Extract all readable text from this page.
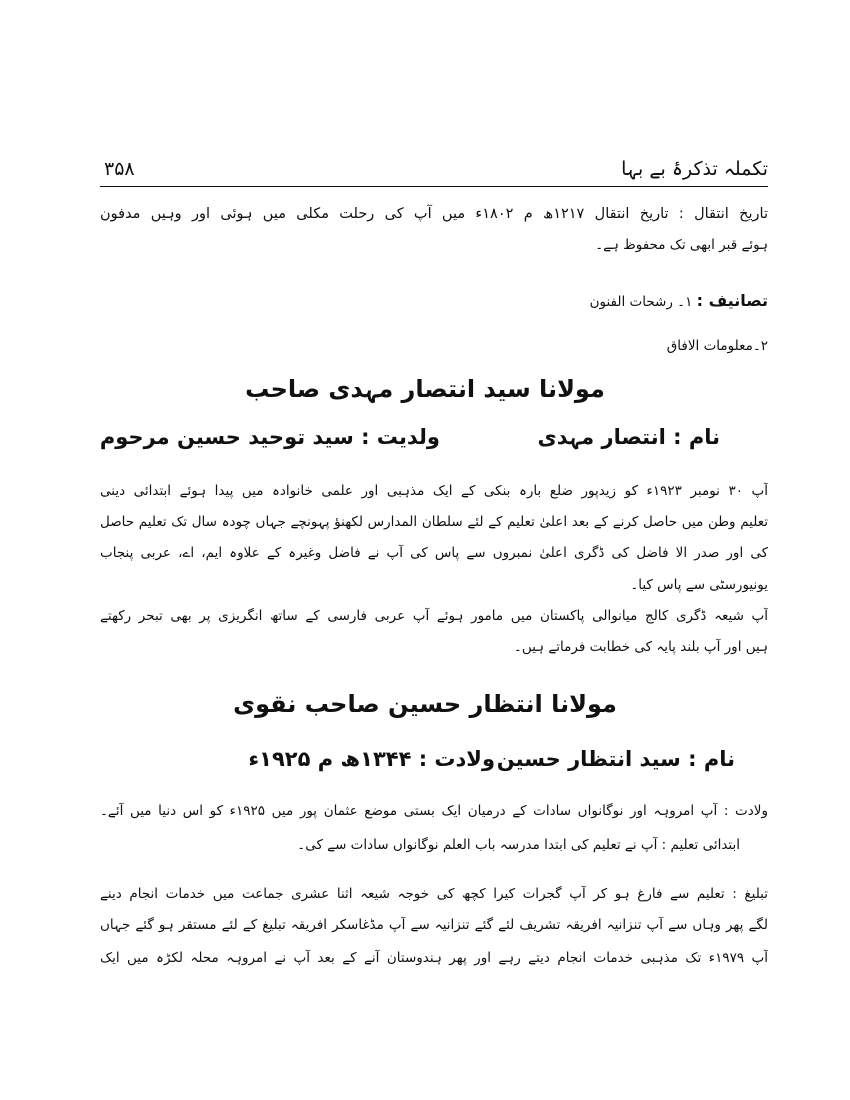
تکملہ تذکرۂ بے بہا
۳۵۸
تاریخ انتقال : تاریخ انتقال ۱۲۱۷ھ م ۱۸۰۲ء میں آپ کی رحلت مکلی میں ہوئی اور وہیں مدفون
ہوئے قبر ابھی تک محفوظ ہے۔
تصانیف : ۱۔ رشحات الفنون
۲۔معلومات الافاق
مولانا سید انتصار مہدی صاحب
نام : انتصار مہدی
ولدیت : سید توحید حسین مرحوم
آپ ۳۰ نومبر ۱۹۲۳ء کو زیدپور ضلع بارہ بنکی کے ایک مذہبی اور علمی خانوادہ میں پیدا ہوئے ابتدائی دینی
تعلیم وطن میں حاصل کرنے کے بعد اعلیٰ تعلیم کے لئے سلطان المدارس لکھنؤ پہونچے جہاں چودہ سال تک تعلیم حاصل
کی اور صدر الا فاضل کی ڈگری اعلیٰ نمبروں سے پاس کی آپ نے فاضل وغیرہ کے علاوہ ایم، اے، عربی پنجاب
یونیورسٹی سے پاس کیا۔
آپ شیعہ ڈگری کالج میانوالی پاکستان میں مامور ہوئے آپ عربی فارسی کے ساتھ انگریزی پر بھی تبحر رکھتے
ہیں اور آپ بلند پایہ کی خطابت فرماتے ہیں۔
مولانا انتظار حسین صاحب نقوی
نام : سید انتظار حسین
ولادت : ۱۳۴۴ھ م ۱۹۲۵ء
ولادت : آپ امروہہ اور نوگانواں سادات کے درمیان ایک بستی موضع عثمان پور میں ۱۹۲۵ء کو اس دنیا میں آئے۔
ابتدائی تعلیم : آپ نے تعلیم کی ابتدا مدرسہ باب العلم نوگانواں سادات سے کی۔
تبلیغ : تعلیم سے فارغ ہو کر آپ گجرات کیرا کچھ کی خوجہ شیعہ اثنا عشری جماعت میں خدمات انجام دینے
لگے پھر وہاں سے آپ تنزانیہ افریقہ تشریف لئے گئے تنزانیہ سے آپ مڈغاسکر افریقہ تبلیغ کے لئے مستقر ہو گئے جہاں
آپ ۱۹۷۹ء تک مذہبی خدمات انجام دیتے رہے اور پھر ہندوستان آنے کے بعد آپ نے امروہہ محلہ لکڑہ میں ایک
